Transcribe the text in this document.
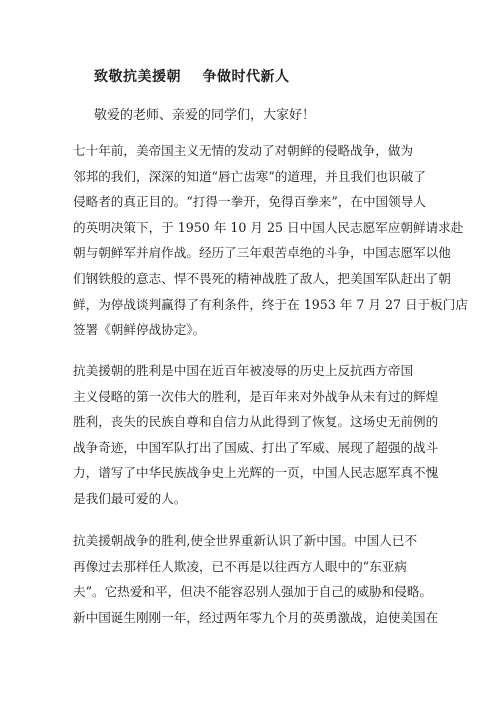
致敬抗美援朝    争做时代新人
敬爱的老师、亲爱的同学们，大家好！
七十年前，美帝国主义无情的发动了对朝鲜的侵略战争，做为
邻邦的我们，深深的知道“唇亡齿寒”的道理，并且我们也识破了
侵略者的真正目的。“打得一拳开，免得百拳来”，在中国领导人
的英明决策下，于 1950 年 10 月 25 日中国人民志愿军应朝鲜请求赴
朝与朝鲜军并肩作战。经历了三年艰苦卓绝的斗争，中国志愿军以他
们钢铁般的意志、悍不畏死的精神战胜了敌人，把美国军队赶出了朝
鲜，为停战谈判赢得了有利条件，终于在 1953 年 7 月 27 日于板门店
签署《朝鲜停战协定》。
抗美援朝的胜利是中国在近百年被凌辱的历史上反抗西方帝国
主义侵略的第一次伟大的胜利，是百年来对外战争从未有过的辉煌
胜利，丧失的民族自尊和自信力从此得到了恢复。这场史无前例的
战争奇迹，中国军队打出了国威、打出了军威、展现了超强的战斗
力，谱写了中华民族战争史上光辉的一页，中国人民志愿军真不愧
是我们最可爱的人。
抗美援朝战争的胜利,使全世界重新认识了新中国。中国人已不
再像过去那样任人欺凌，已不再是以往西方人眼中的“东亚病
夫”。它热爱和平，但决不能容忍别人强加于自己的威胁和侵略。
新中国诞生刚刚一年，经过两年零九个月的英勇激战，迫使美国在
